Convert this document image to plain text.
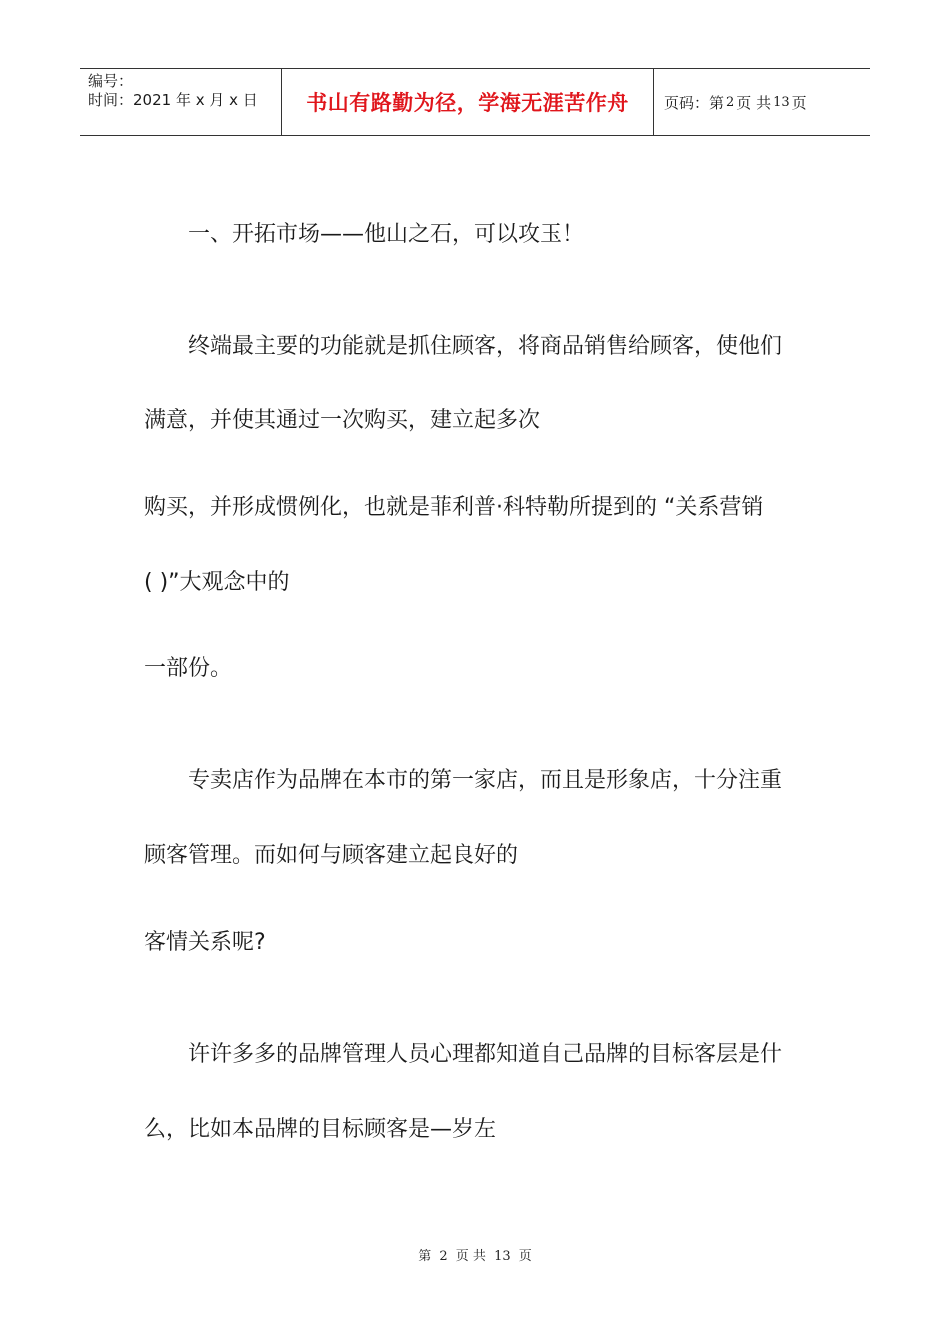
编号：
时间：2021 年 x 月 x 日	书山有路勤为径，学海无涯苦作舟	页码：第 2 页 共 13 页
一、开拓市场——他山之石，可以攻玉！
终端最主要的功能就是抓住顾客，将商品销售给顾客，使他们
满意，并使其通过一次购买，建立起多次
购买，并形成惯例化，也就是菲利普·科特勒所提到的 “关系营销
( )”大观念中的
一部份。
专卖店作为品牌在本市的第一家店，而且是形象店，十分注重
顾客管理。而如何与顾客建立起良好的
客情关系呢?
许许多多的品牌管理人员心理都知道自己品牌的目标客层是什
么，比如本品牌的目标顾客是—岁左
第 2 页 共 13 页
